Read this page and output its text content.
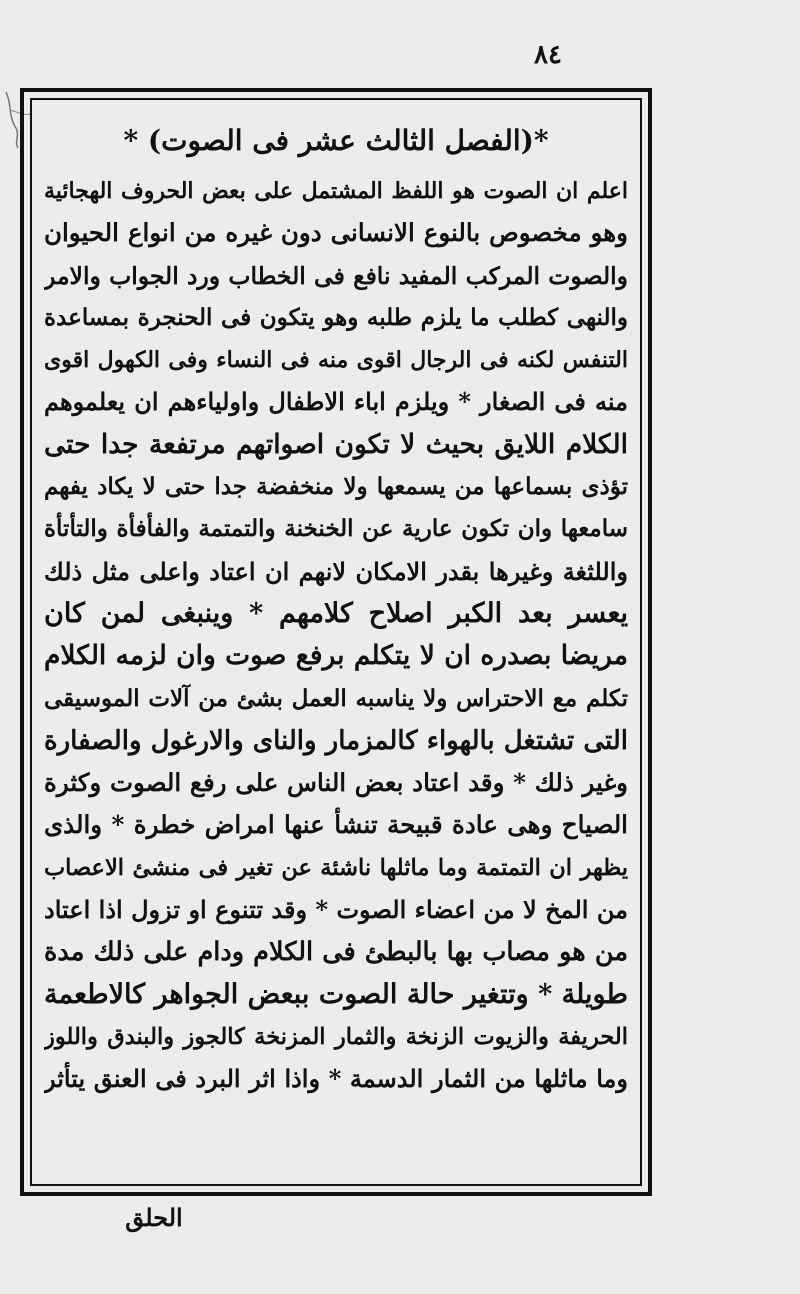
٨٤
*(الفصل الثالث عشر فى الصوت) *
اعلم ان الصوت هو اللفظ المشتمل على بعض الحروف الهجائية
وهو مخصوص بالنوع الانسانى دون غيره من انواع الحيوان
والصوت المركب المفيد نافع فى الخطاب ورد الجواب والامر
والنهى كطلب ما يلزم طلبه وهو يتكون فى الحنجرة بمساعدة
التنفس لكنه فى الرجال اقوى منه فى النساء وفى الكهول اقوى
منه فى الصغار * ويلزم اباء الاطفال واولياءهم ان يعلموهم
الكلام اللايق بحيث لا تكون اصواتهم مرتفعة جدا حتى
تؤذى بسماعها من يسمعها ولا منخفضة جدا حتى لا يكاد يفهم
سامعها وان تكون عارية عن الخنخنة والتمتمة والفأفأة والتأتأة
واللثغة وغيرها بقدر الامكان لانهم ان اعتاد واعلى مثل ذلك
يعسر بعد الكبر اصلاح كلامهم * وينبغى لمن كان
مريضا بصدره ان لا يتكلم برفع صوت وان لزمه الكلام
تكلم مع الاحتراس ولا يناسبه العمل بشئ من آلات الموسيقى
التى تشتغل بالهواء كالمزمار والناى والارغول والصفارة
وغير ذلك * وقد اعتاد بعض الناس على رفع الصوت وكثرة
الصياح وهى عادة قبيحة تنشأ عنها امراض خطرة * والذى
يظهر ان التمتمة وما ماثلها ناشئة عن تغير فى منشئ الاعصاب
من المخ لا من اعضاء الصوت * وقد تتنوع او تزول اذا اعتاد
من هو مصاب بها بالبطئ فى الكلام ودام على ذلك مدة
طويلة * وتتغير حالة الصوت ببعض الجواهر كالاطعمة
الحريفة والزيوت الزنخة والثمار المزنخة كالجوز والبندق واللوز
وما ماثلها من الثمار الدسمة * واذا اثر البرد فى العنق يتأثر
الحلق
